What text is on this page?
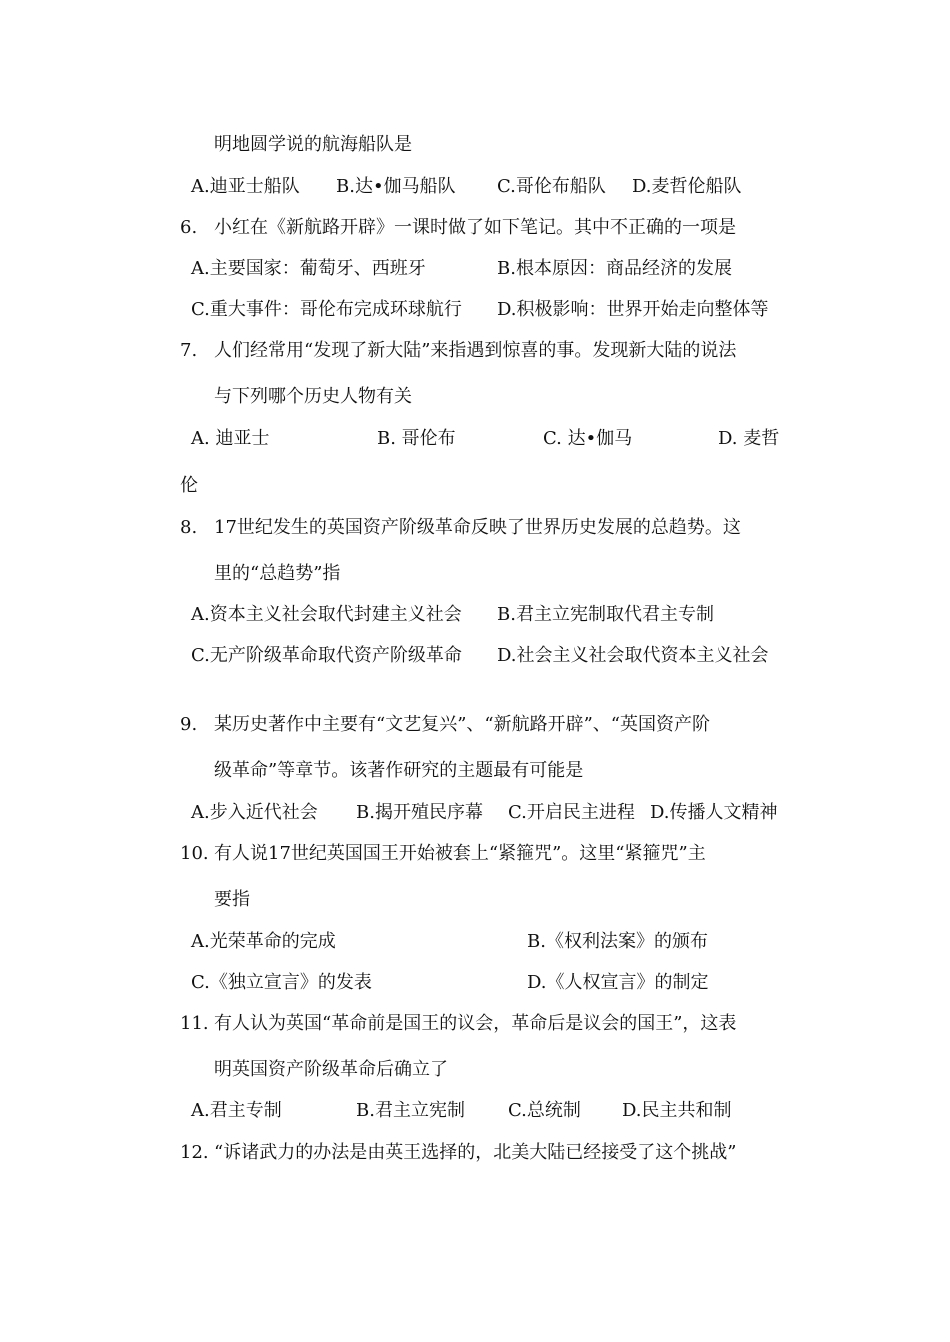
明地圆学说的航海船队是
A.迪亚士船队 B.达•伽马船队 C.哥伦布船队 D.麦哲伦船队
6. 小红在《新航路开辟》一课时做了如下笔记。其中不正确的一项是
A.主要国家：葡萄牙、西班牙	B.根本原因：商品经济的发展
C.重大事件：哥伦布完成环球航行 D.积极影响：世界开始走向整体等
7. 人们经常用“发现了新大陆”来指遇到惊喜的事。发现新大陆的说法
与下列哪个历史人物有关
A. 迪亚士	B. 哥伦布	C. 达•伽马	D. 麦哲
伦
8. 17世纪发生的英国资产阶级革命反映了世界历史发展的总趋势。这
里的“总趋势”指
A.资本主义社会取代封建主义社会 B.君主立宪制取代君主专制
C.无产阶级革命取代资产阶级革命 D.社会主义社会取代资本主义社会
9. 某历史著作中主要有“文艺复兴”、“新航路开辟”、“英国资产阶
级革命”等章节。该著作研究的主题最有可能是
A.步入近代社会 B.揭开殖民序幕 C.开启民主进程 D.传播人文精神
10. 有人说17世纪英国国王开始被套上“紧箍咒”。这里“紧箍咒”主
要指
A.光荣革命的完成	B.《权利法案》的颁布
C.《独立宣言》的发表	D.《人权宣言》的制定
11. 有人认为英国“革命前是国王的议会，革命后是议会的国王”，这表
明英国资产阶级革命后确立了
A.君主专制	B.君主立宪制 C.总统制 D.民主共和制
12. “诉诸武力的办法是由英王选择的，北美大陆已经接受了这个挑战”
